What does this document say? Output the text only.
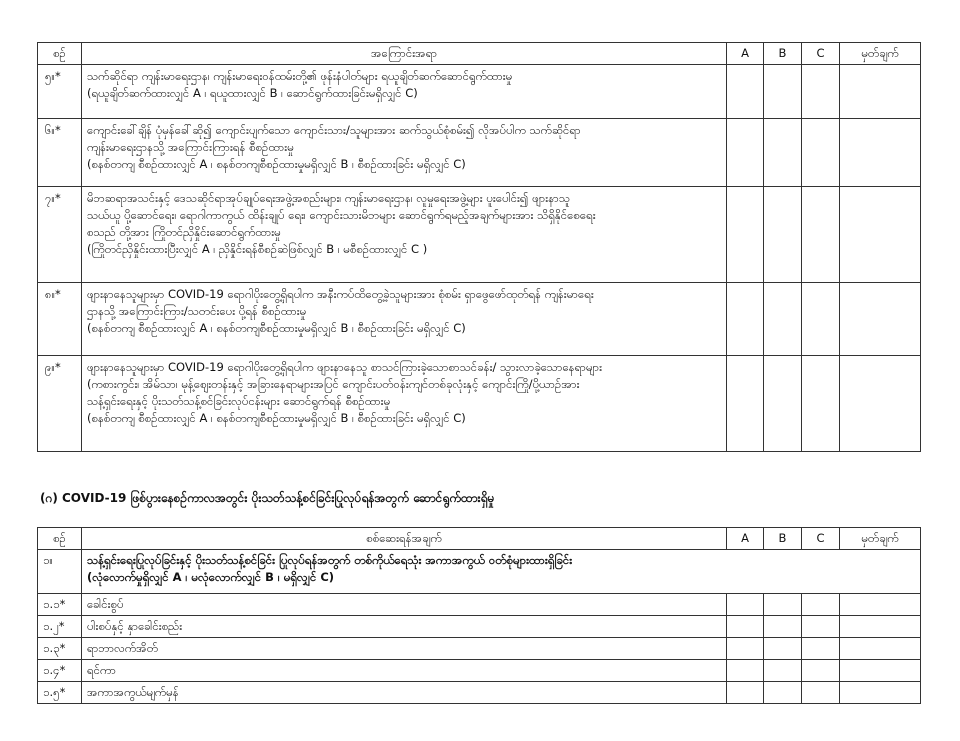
စဉ်	အကြောင်းအရာ	A	B	C	မှတ်ချက်
၅။*	သက်ဆိုင်ရာ ကျန်းမာရေးဌာန၊ ကျန်းမာရေးဝန်ထမ်းတို့၏ ဖုန်းနံပါတ်များ ရယူချိတ်ဆက်ဆောင်ရွက်ထားမှု
(ရယူချိတ်ဆက်ထားလျှင် A ၊ ရယူထားလျှင် B ၊ ဆောင်ရွက်ထားခြင်းမရှိလျှင် C)				

၆။*	ကျောင်းခေါ်ချိန် ပုံမှန်ခေါ်ဆို၍ ကျောင်းပျက်သော ကျောင်းသား/သူများအား ဆက်သွယ်စုံစမ်း၍ လိုအပ်ပါက သက်ဆိုင်ရာ
ကျန်းမာရေးဌာနသို့ အကြောင်းကြားရန် စီစဉ်ထားမှု
(စနစ်တကျ စီစဉ်ထားလျှင် A ၊ စနစ်တကျစီစဉ်ထားမှုမရှိလျှင် B ၊ စီစဉ်ထားခြင်း မရှိလျှင် C)				

၇။*	မိဘဆရာအသင်းနှင့် ဒေသဆိုင်ရာအုပ်ချုပ်ရေးအဖွဲ့အစည်းများ၊ ကျန်းမာရေးဌာန၊ လူမှုရေးအဖွဲ့များ ပူးပေါင်း၍ ဖျားနာသူ
သယ်ယူ ပို့ဆောင်ရေး၊ ရောဂါကာကွယ် ထိန်းချုပ် ရေး၊ ကျောင်းသားမိဘများ ဆောင်ရွက်ရမည့်အချက်များအား သိရှိနိုင်စေရေး
စသည် တို့အား ကြိုတင်ညှိနှိုင်းဆောင်ရွက်ထားမှု
(ကြိုတင်ညှိနှိုင်းထားပြီးလျှင် A ၊ ညှိနှိုင်းရန်စီစဉ်ဆဲဖြစ်လျှင် B ၊ မစီစဉ်ထားလျှင် C )				

၈။*	ဖျားနာနေသူများမှာ COVID-19 ရောဂါပိုးတွေ့ရှိရပါက အနီးကပ်ထိတွေ့ခဲ့သူများအား စုံစမ်း ရှာဖွေဖော်ထုတ်ရန် ကျန်းမာရေး
ဌာနသို့ အကြောင်းကြား/သတင်းပေး ပို့ရန် စီစဉ်ထားမှု
(စနစ်တကျ စီစဉ်ထားလျှင် A ၊ စနစ်တကျစီစဉ်ထားမှုမရှိလျှင် B ၊ စီစဉ်ထားခြင်း မရှိလျှင် C)				

၉။*	ဖျားနာနေသူများမှာ COVID-19 ရောဂါပိုးတွေ့ရှိရပါက ဖျားနာနေသူ စာသင်ကြားခဲ့သောစာသင်ခန်း/ သွားလာခဲ့သောနေရာများ
(ကစားကွင်း၊ အိမ်သာ၊ မုန့်ဈေးတန်းနှင့် အခြားနေရာများအပြင် ကျောင်းပတ်ဝန်းကျင်တစ်ခုလုံးနှင့် ကျောင်းကြို/ပို့ယာဉ်အား
သန့်ရှင်းရေးနှင့် ပိုးသတ်သန့်စင်ခြင်းလုပ်ငန်းများ ဆောင်ရွက်ရန် စီစဉ်ထားမှု
(စနစ်တကျ စီစဉ်ထားလျှင် A ၊ စနစ်တကျစီစဉ်ထားမှုမရှိလျှင် B ၊ စီစဉ်ထားခြင်း မရှိလျှင် C)				

(ဂ) COVID-19 ဖြစ်ပွားနေစဉ်ကာလအတွင်း ပိုးသတ်သန့်စင်ခြင်းပြုလုပ်ရန်အတွက် ဆောင်ရွက်ထားရှိမှု
စဉ်	စစ်ဆေးရန်အချက်	A	B	C	မှတ်ချက်
၁။	သန့်ရှင်းရေးပြုလုပ်ခြင်းနှင့် ပိုးသတ်သန့်စင်ခြင်း ပြုလုပ်ရန်အတွက် တစ်ကိုယ်ရေသုံး အကာအကွယ် ဝတ်စုံများထားရှိခြင်း
(လုံလောက်မှုရှိလျှင် A ၊ မလုံလောက်လျှင် B ၊ မရှိလျှင် C)				

၁.၁*	ခေါင်းစွပ်				
၁.၂*	ပါးစပ်နှင့် နှာခေါင်းစည်း				
၁.၃*	ရာဘာလက်အိတ်				
၁.၄*	ရင်ကာ				
၁.၅*	အကာအကွယ်မျက်မှန်				
